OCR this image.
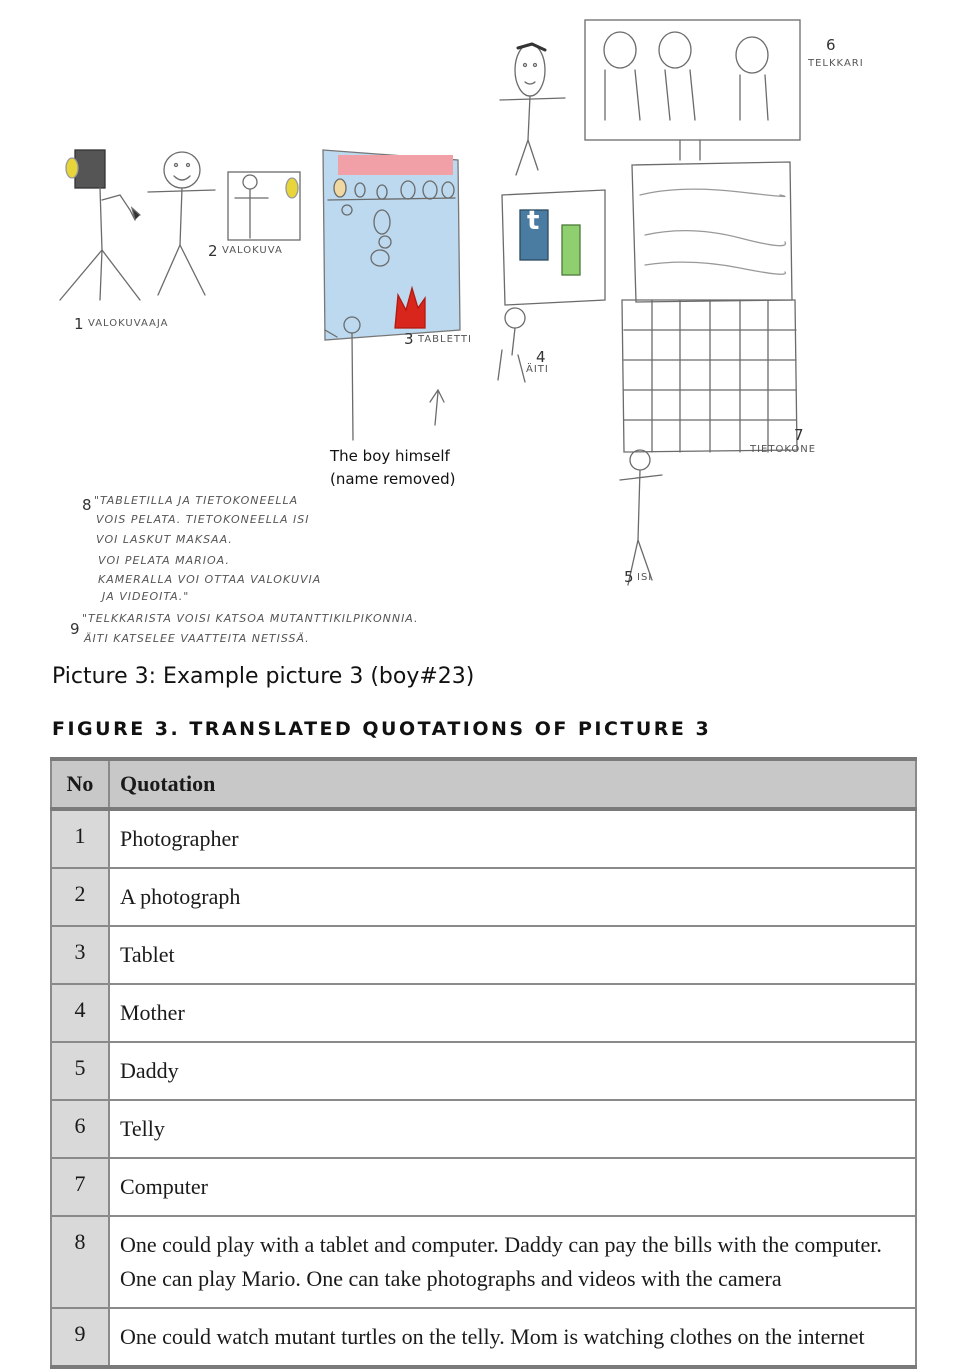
1 VALOKUVAAJA
2 VALOKUVA
3 TABLETTI
4
ÄITI
5 ISI
6
TELKKARI
7
TIETOKONE
t
The boy himself
(name removed)
8 "TABLETILLA JA TIETOKONEELLA
VOIS PELATA. TIETOKONEELLA ISI
VOI LASKUT MAKSAA.
VOI PELATA MARIOA.
KAMERALLA VOI OTTAA VALOKUVIA
JA VIDEOITA."
9
"TELKKARISTA VOISI KATSOA MUTANTTIKILPIKONNIA.
ÄITI KATSELEE VAATTEITA NETISSÄ.
Picture 3: Example picture 3 (boy#23)
FIGURE 3. TRANSLATED QUOTATIONS OF PICTURE 3
No	Quotation
1	Photographer
2	A photograph
3	Tablet
4	Mother
5	Daddy
6	Telly
7	Computer
8	One could play with a tablet and computer. Daddy can pay the bills with the computer. One can play Mario. One can take photographs and videos with the camera
9	One could watch mutant turtles on the telly. Mom is watching clothes on the internet
